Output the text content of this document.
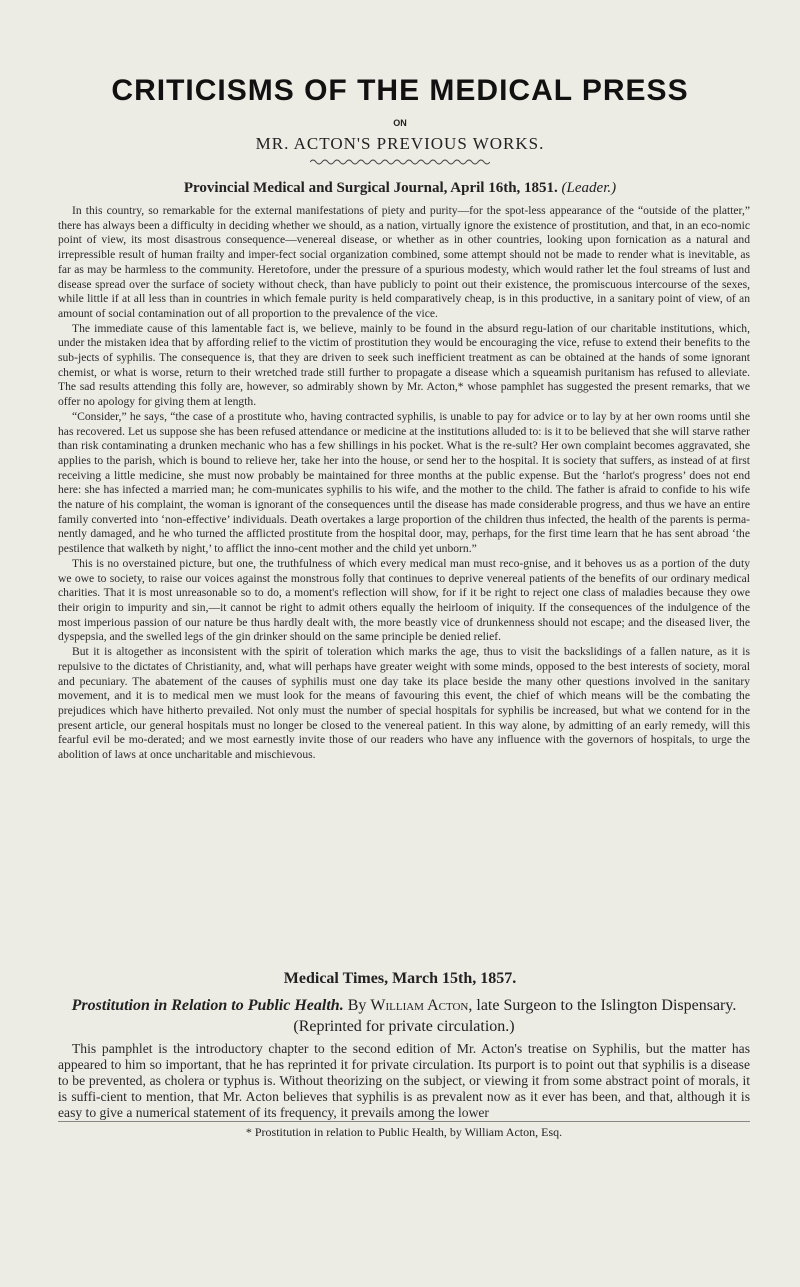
CRITICISMS OF THE MEDICAL PRESS
ON
MR. ACTON'S PREVIOUS WORKS.
Provincial Medical and Surgical Journal, April 16th, 1851. (Leader.)

In this country, so remarkable for the external manifestations of piety and purity—for the spot-less appearance of the “outside of the platter,” there has always been a difficulty in deciding whether we should, as a nation, virtually ignore the existence of prostitution, and that, in an eco-nomic point of view, its most disastrous consequence—venereal disease, or whether as in other countries, looking upon fornication as a natural and irrepressible result of human frailty and imper-fect social organization combined, some attempt should not be made to render what is inevitable, as far as may be harmless to the community. Heretofore, under the pressure of a spurious modesty, which would rather let the foul streams of lust and disease spread over the surface of society without check, than have publicly to point out their existence, the promiscuous intercourse of the sexes, while little if at all less than in countries in which female purity is held comparatively cheap, is in this productive, in a sanitary point of view, of an amount of social contamination out of all proportion to the prevalence of the vice.

The immediate cause of this lamentable fact is, we believe, mainly to be found in the absurd regu-lation of our charitable institutions, which, under the mistaken idea that by affording relief to the victim of prostitution they would be encouraging the vice, refuse to extend their benefits to the sub-jects of syphilis. The consequence is, that they are driven to seek such inefficient treatment as can be obtained at the hands of some ignorant chemist, or what is worse, return to their wretched trade still further to propagate a disease which a squeamish puritanism has refused to alleviate. The sad results attending this folly are, however, so admirably shown by Mr. Acton,* whose pamphlet has suggested the present remarks, that we offer no apology for giving them at length.

“Consider,” he says, “the case of a prostitute who, having contracted syphilis, is unable to pay for advice or to lay by at her own rooms until she has recovered. Let us suppose she has been refused attendance or medicine at the institutions alluded to: is it to be believed that she will starve rather than risk contaminating a drunken mechanic who has a few shillings in his pocket. What is the re-sult? Her own complaint becomes aggravated, she applies to the parish, which is bound to relieve her, take her into the house, or send her to the hospital. It is society that suffers, as instead of at first receiving a little medicine, she must now probably be maintained for three months at the public expense. But the ‘harlot's progress’ does not end here: she has infected a married man; he com-municates syphilis to his wife, and the mother to the child. The father is afraid to confide to his wife the nature of his complaint, the woman is ignorant of the consequences until the disease has made considerable progress, and thus we have an entire family converted into ‘non-effective’ individuals. Death overtakes a large proportion of the children thus infected, the health of the parents is perma-nently damaged, and he who turned the afflicted prostitute from the hospital door, may, perhaps, for the first time learn that he has sent abroad ‘the pestilence that walketh by night,’ to afflict the inno-cent mother and the child yet unborn.”

This is no overstained picture, but one, the truthfulness of which every medical man must reco-gnise, and it behoves us as a portion of the duty we owe to society, to raise our voices against the monstrous folly that continues to deprive venereal patients of the benefits of our ordinary medical charities. That it is most unreasonable so to do, a moment's reflection will show, for if it be right to reject one class of maladies because they owe their origin to impurity and sin,—it cannot be right to admit others equally the heirloom of iniquity. If the consequences of the indulgence of the most imperious passion of our nature be thus hardly dealt with, the more beastly vice of drunkenness should not escape; and the diseased liver, the dyspepsia, and the swelled legs of the gin drinker should on the same principle be denied relief.

But it is altogether as inconsistent with the spirit of toleration which marks the age, thus to visit the backslidings of a fallen nature, as it is repulsive to the dictates of Christianity, and, what will perhaps have greater weight with some minds, opposed to the best interests of society, moral and pecuniary. The abatement of the causes of syphilis must one day take its place beside the many other questions involved in the sanitary movement, and it is to medical men we must look for the means of favouring this event, the chief of which means will be the combating the prejudices which have hitherto prevailed. Not only must the number of special hospitals for syphilis be increased, but what we contend for in the present article, our general hospitals must no longer be closed to the venereal patient. In this way alone, by admitting of an early remedy, will this fearful evil be mo-derated; and we most earnestly invite those of our readers who have any influence with the governors of hospitals, to urge the abolition of laws at once uncharitable and mischievous.

Medical Times, March 15th, 1857.
Prostitution in Relation to Public Health. By William Acton, late Surgeon to the Islington Dispensary. (Reprinted for private circulation.)

This pamphlet is the introductory chapter to the second edition of Mr. Acton's treatise on Syphilis, but the matter has appeared to him so important, that he has reprinted it for private circulation. Its purport is to point out that syphilis is a disease to be prevented, as cholera or typhus is. Without theorizing on the subject, or viewing it from some abstract point of morals, it is suffi-cient to mention, that Mr. Acton believes that syphilis is as prevalent now as it ever has been, and that, although it is easy to give a numerical statement of its frequency, it prevails among the lower

* Prostitution in relation to Public Health, by William Acton, Esq.
